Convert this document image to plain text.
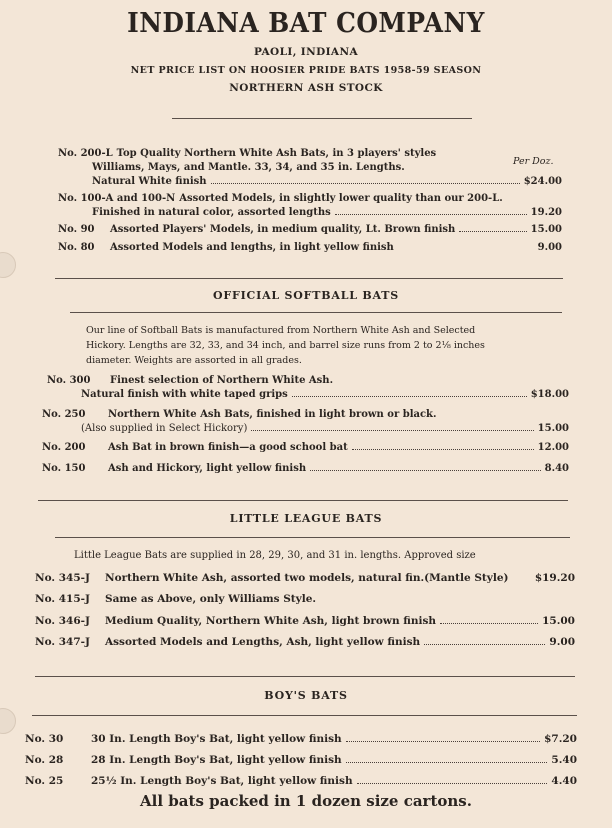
INDIANA BAT COMPANY
PAOLI, INDIANA
NET PRICE LIST ON HOOSIER PRIDE BATS 1958-59 SEASON
NORTHERN ASH STOCK
Per Doz.
No. 200-L Top Quality Northern White Ash Bats, in 3 players' styles
Williams, Mays, and Mantle. 33, 34, and 35 in. Lengths.
Natural White finish	$24.00
No. 100-A and 100-N Assorted Models, in slightly lower quality than our 200-L.
Finished in natural color, assorted lengths	19.20
No. 90	Assorted Players' Models, in medium quality, Lt. Brown finish	15.00
No. 80	Assorted Models and lengths, in light yellow finish	9.00
OFFICIAL SOFTBALL BATS
Our line of Softball Bats is manufactured from Northern White Ash and Selected
Hickory. Lengths are 32, 33, and 34 inch, and barrel size runs from 2 to 2⅛ inches
diameter. Weights are assorted in all grades.
No. 300	Finest selection of Northern White Ash.
Natural finish with white taped grips	$18.00
No. 250	Northern White Ash Bats, finished in light brown or black.
(Also supplied in Select Hickory)	15.00
No. 200	Ash Bat in brown finish—a good school bat	12.00
No. 150	Ash and Hickory, light yellow finish	8.40
LITTLE LEAGUE BATS
Little League Bats are supplied in 28, 29, 30, and 31 in. lengths. Approved size
No. 345-J	Northern White Ash, assorted two models, natural fin.(Mantle Style)	$19.20
No. 415-J	Same as Above, only Williams Style.
No. 346-J	Medium Quality, Northern White Ash, light brown finish	15.00
No. 347-J	Assorted Models and Lengths, Ash, light yellow finish	9.00
BOY'S BATS
No. 30	30 In. Length Boy's Bat, light yellow finish	$7.20
No. 28	28 In. Length Boy's Bat, light yellow finish	5.40
No. 25	25½ In. Length Boy's Bat, light yellow finish	4.40
All bats packed in 1 dozen size cartons.
